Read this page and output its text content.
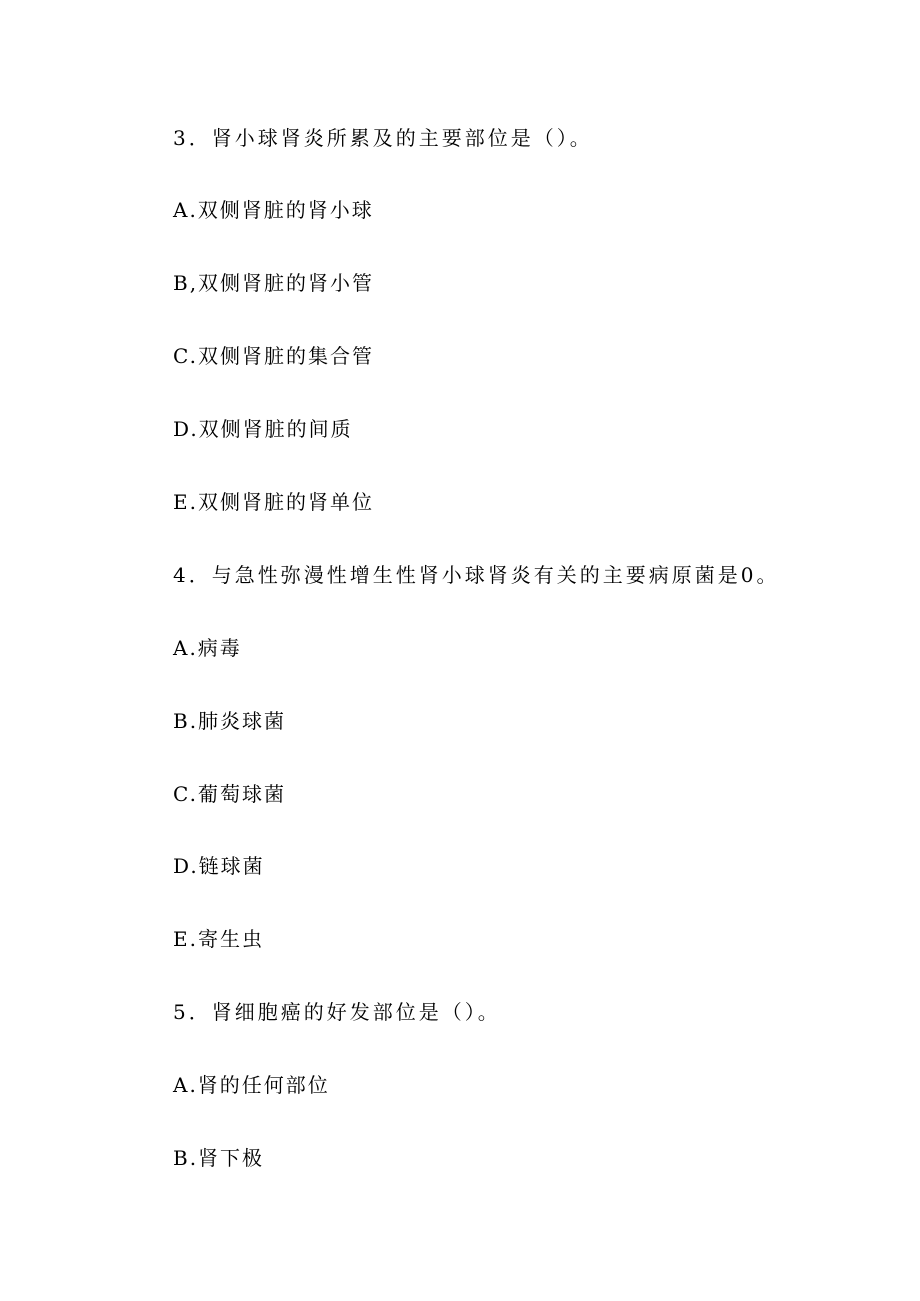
3．肾小球肾炎所累及的主要部位是（）。
A.双侧肾脏的肾小球
B,双侧肾脏的肾小管
C.双侧肾脏的集合管
D.双侧肾脏的间质
E.双侧肾脏的肾单位
4．与急性弥漫性增生性肾小球肾炎有关的主要病原菌是0。
A.病毒
B.肺炎球菌
C.葡萄球菌
D.链球菌
E.寄生虫
5．肾细胞癌的好发部位是（）。
A.肾的任何部位
B.肾下极
